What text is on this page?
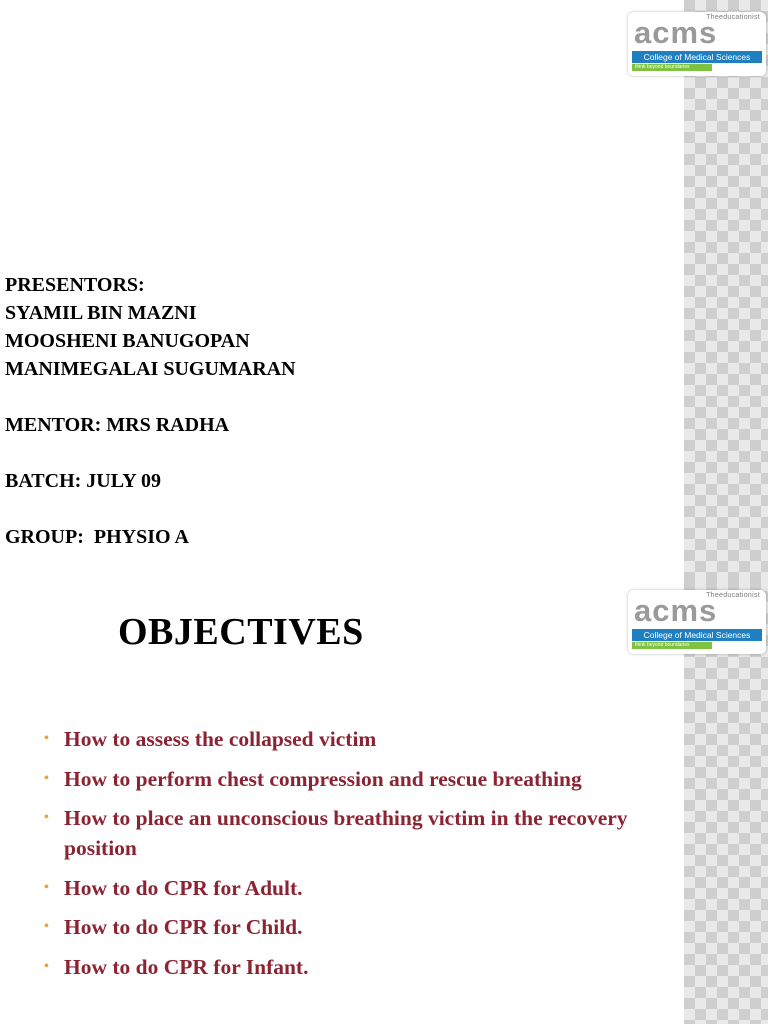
Theeducationist
acms
College of Medical Sciences
think beyond boundaries
PRESENTORS:
SYAMIL BIN MAZNI
MOOSHENI BANUGOPAN
MANIMEGALAI SUGUMARAN
MENTOR: MRS RADHA
BATCH: JULY 09
GROUP:  PHYSIO A
Theeducationist
acms
College of Medical Sciences
think beyond boundaries
OBJECTIVES
• How to assess the collapsed victim
• How to perform chest compression and rescue breathing
• How to place an unconscious breathing victim in the recovery position
• How to do CPR for Adult.
• How to do CPR for Child.
• How to do CPR for Infant.
